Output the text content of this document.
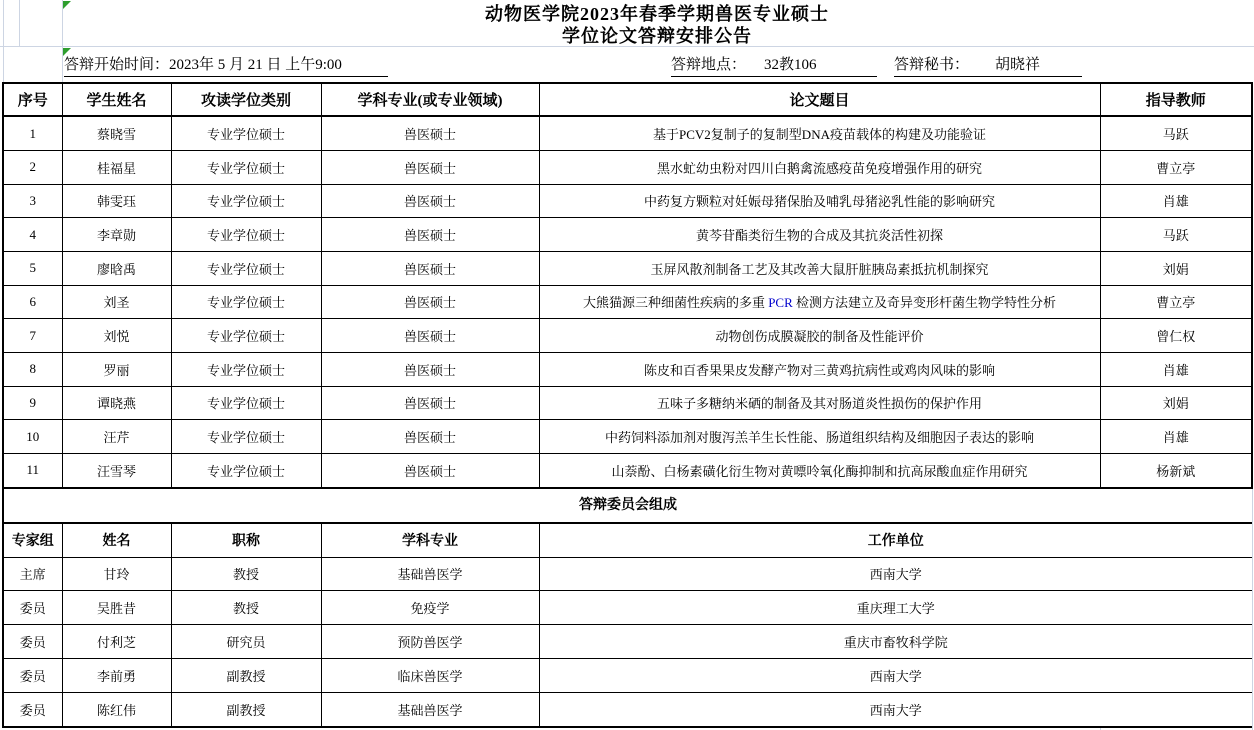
动物医学院2023年春季学期兽医专业硕士
学位论文答辩安排公告
答辩开始时间：2023年 5 月 21 日 上午9:00	答辩地点： 32教106	答辩秘书： 胡晓祥
序号	学生姓名	攻读学位类别	学科专业(或专业领域)	论文题目	指导教师
1	蔡晓雪	专业学位硕士	兽医硕士	基于PCV2复制子的复制型DNA疫苗载体的构建及功能验证	马跃
2	桂福星	专业学位硕士	兽医硕士	黑水虻幼虫粉对四川白鹅禽流感疫苗免疫增强作用的研究	曹立亭
3	韩雯珏	专业学位硕士	兽医硕士	中药复方颗粒对妊娠母猪保胎及哺乳母猪泌乳性能的影响研究	肖雄
4	李章勋	专业学位硕士	兽医硕士	黄芩苷酯类衍生物的合成及其抗炎活性初探	马跃
5	廖晗禹	专业学位硕士	兽医硕士	玉屏风散剂制备工艺及其改善大鼠肝脏胰岛素抵抗机制探究	刘娟
6	刘圣	专业学位硕士	兽医硕士	大熊猫源三种细菌性疾病的多重 PCR 检测方法建立及奇异变形杆菌生物学特性分析	曹立亭
7	刘悦	专业学位硕士	兽医硕士	动物创伤成膜凝胶的制备及性能评价	曾仁权
8	罗丽	专业学位硕士	兽医硕士	陈皮和百香果果皮发酵产物对三黄鸡抗病性或鸡肉风味的影响	肖雄
9	谭晓燕	专业学位硕士	兽医硕士	五味子多糖纳米硒的制备及其对肠道炎性损伤的保护作用	刘娟
10	汪芹	专业学位硕士	兽医硕士	中药饲料添加剂对腹泻羔羊生长性能、肠道组织结构及细胞因子表达的影响	肖雄
11	汪雪琴	专业学位硕士	兽医硕士	山萘酚、白杨素磺化衍生物对黄嘌呤氧化酶抑制和抗高尿酸血症作用研究	杨新斌
答辩委员会组成
专家组	姓名	职称	学科专业	工作单位
主席	甘玲	教授	基础兽医学	西南大学
委员	吴胜昔	教授	免疫学	重庆理工大学
委员	付利芝	研究员	预防兽医学	重庆市畜牧科学院
委员	李前勇	副教授	临床兽医学	西南大学
委员	陈红伟	副教授	基础兽医学	西南大学
